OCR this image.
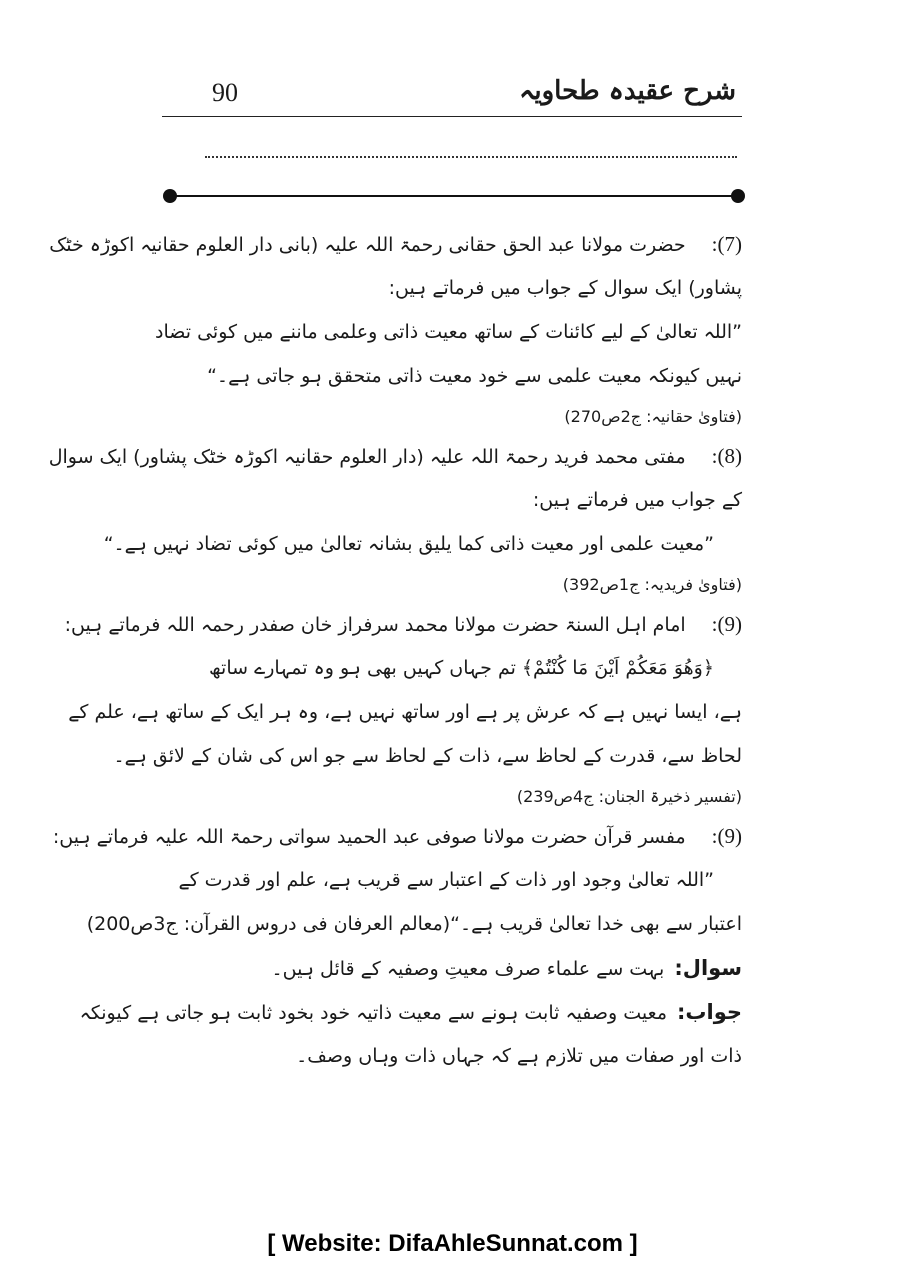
90	شرح عقیدہ طحاویہ
(7):حضرت مولانا عبد الحق حقانی رحمۃ اللہ علیہ (بانی دار العلوم حقانیہ اکوڑہ خٹک
پشاور) ایک سوال کے جواب میں فرماتے ہیں:
”اللہ تعالیٰ کے لیے کائنات کے ساتھ معیت ذاتی وعلمی ماننے میں کوئی تضاد
نہیں کیونکہ معیت علمی سے خود معیت ذاتی متحقق ہو جاتی ہے۔“
(فتاویٰ حقانیہ: ج2ص270)
(8):مفتی محمد فرید رحمۃ اللہ علیہ (دار العلوم حقانیہ اکوڑہ خٹک پشاور) ایک سوال
کے جواب میں فرماتے ہیں:
”معیت علمی اور معیت ذاتی کما یلیق بشانہ تعالیٰ میں کوئی تضاد نہیں ہے۔“
(فتاویٰ فریدیہ: ج1ص392)
(9):امام اہل السنۃ حضرت مولانا محمد سرفراز خان صفدر رحمہ اللہ فرماتے ہیں:
﴿وَهُوَ مَعَكُمْ اَيْنَ مَا كُنْتُمْ﴾ تم جہاں کہیں بھی ہو وہ تمہارے ساتھ
ہے، ایسا نہیں ہے کہ عرش پر ہے اور ساتھ نہیں ہے، وہ ہر ایک کے ساتھ ہے، علم کے
لحاظ سے، قدرت کے لحاظ سے، ذات کے لحاظ سے جو اس کی شان کے لائق ہے۔
(تفسیر ذخیرۃ الجنان: ج4ص239)
(9):مفسر قرآن حضرت مولانا صوفی عبد الحمید سواتی رحمۃ اللہ علیہ فرماتے ہیں:
”اللہ تعالیٰ وجود اور ذات کے اعتبار سے قریب ہے، علم اور قدرت کے
اعتبار سے بھی خدا تعالیٰ قریب ہے۔“(معالم العرفان فی دروس القرآن: ج3ص200)
سوال:بہت سے علماء صرف معیتِ وصفیہ کے قائل ہیں۔
جواب:معیت وصفیہ ثابت ہونے سے معیت ذاتیہ خود بخود ثابت ہو جاتی ہے کیونکہ
ذات اور صفات میں تلازم ہے کہ جہاں ذات وہاں وصف۔
[ Website: DifaAhleSunnat.com ]
